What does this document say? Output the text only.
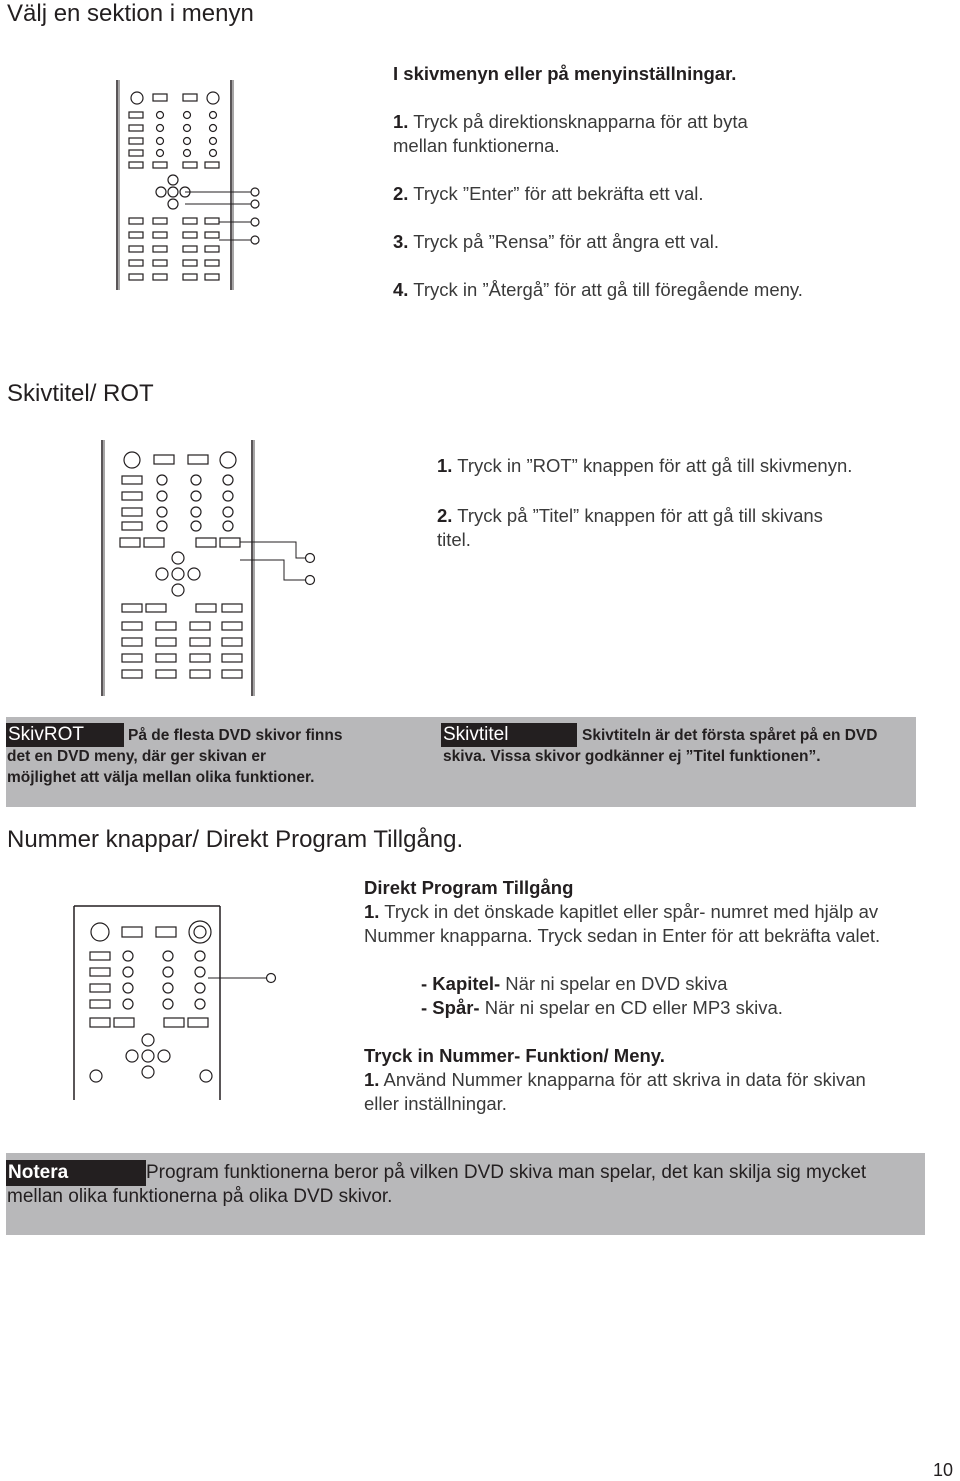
Välj en sektion i menyn
I skivmenyn eller på menyinställningar.
1. Tryck på direktionsknapparna för att byta
mellan funktionerna.
2. Tryck ”Enter” för att bekräfta ett val.
3. Tryck på ”Rensa” för att ångra ett val.
4. Tryck in ”Återgå” för att gå till föregående meny.
Skivtitel/ ROT
1. Tryck in ”ROT” knappen för att gå till skivmenyn.
2. Tryck på ”Titel” knappen för att gå till skivans
titel.
SkivROT	På de flesta DVD skivor finns
det en DVD meny, där ger skivan er
möjlighet att välja mellan olika funktioner.
Skivtitel	Skivtiteln är det första spåret på en DVD
skiva. Vissa skivor godkänner ej ”Titel funktionen”.
Nummer knappar/ Direkt Program Tillgång.
Direkt Program Tillgång
1. Tryck in det önskade kapitlet eller spår- numret med hjälp av
Nummer knapparna. Tryck sedan in Enter för att bekräfta valet.
- Kapitel- När ni spelar en DVD skiva
- Spår- När ni spelar en CD eller MP3 skiva.
Tryck in Nummer- Funktion/ Meny.
1. Använd Nummer knapparna för att skriva in data för skivan
eller inställningar.
Notera	Program funktionerna beror på vilken DVD skiva man spelar, det kan skilja sig mycket
mellan olika funktionerna på olika DVD skivor.
10
